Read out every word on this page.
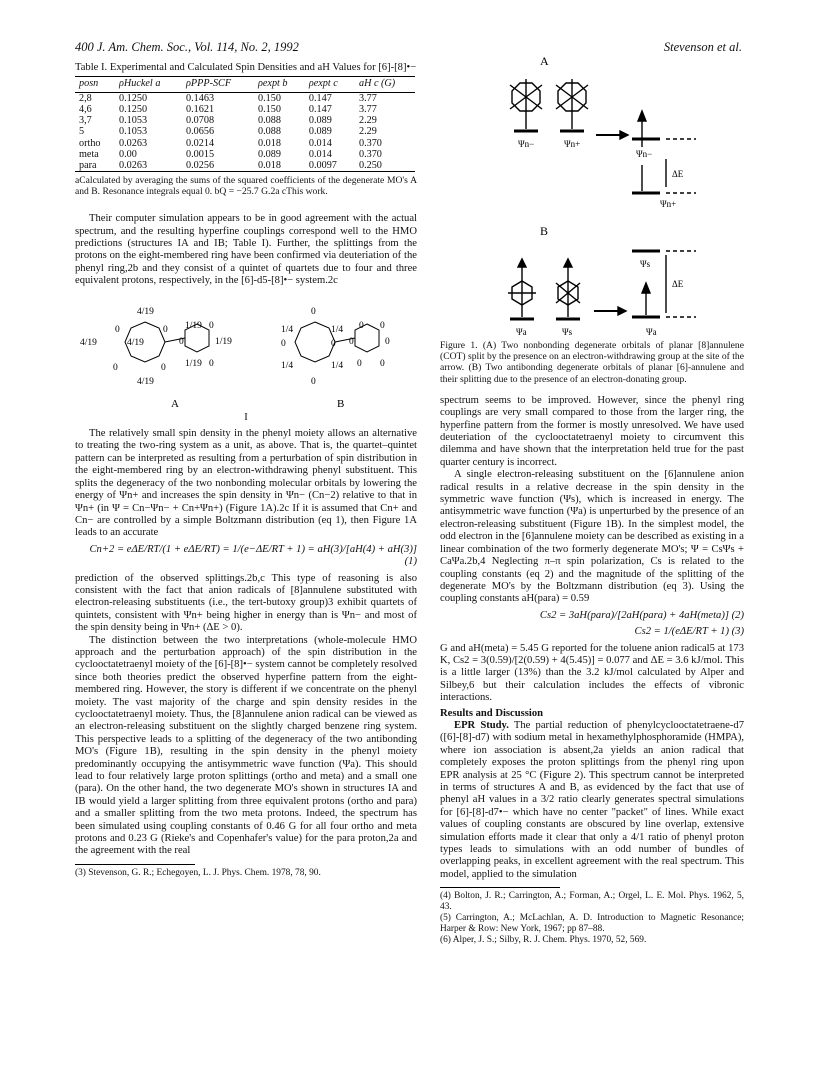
400 J. Am. Chem. Soc., Vol. 114, No. 2, 1992	Stevenson et al.
Table I. Experimental and Calculated Spin Densities and aH Values for [6]-[8]•−
posn	ρHuckel a	ρPPP-SCF	ρexpt b	ρexpt c	aH c (G)
2,8	0.1250	0.1463	0.150	0.147	3.77
4,6	0.1250	0.1621	0.150	0.147	3.77
3,7	0.1053	0.0708	0.088	0.089	2.29
5	0.1053	0.0656	0.088	0.089	2.29
ortho	0.0263	0.0214	0.018	0.014	0.370
meta	0.00	0.0015	0.089	0.014	0.370
para	0.0263	0.0256	0.018	0.0097	0.250
aCalculated by averaging the sums of the squared coefficients of the degenerate MO's A and B. Resonance integrals equal 0. bQ = −25.7 G.2a cThis work.

Their computer simulation appears to be in good agreement with the actual spectrum, and the resulting hyperfine couplings correspond well to the HMO predictions (structures IA and IB; Table I). Further, the splittings from the protons on the eight-membered ring have been confirmed via deuteriation of the phenyl ring,2b and they consist of a quintet of quartets due to four and three equivalent protons, respectively, in the [6]-d5-[8]•− system.2c

4/19
0	0
4/19	4/19
0	0
4/19
1/19 0
0	1/19
1/19 0
0
1/4	1/4
0	0
1/4	1/4
0
0 0
0	0
0 0
A	B
I

The relatively small spin density in the phenyl moiety allows an alternative to treating the two-ring system as a unit, as above. That is, the quartet–quintet pattern can be interpreted as resulting from a perturbation of spin distribution in the eight-membered ring by an electron-withdrawing phenyl substituent. This splits the degeneracy of the two nonbonding molecular orbitals by lowering the energy of Ψn+ and increases the spin density in Ψn− (Cn−2) relative to that in Ψn+ (in Ψ = Cn−Ψn− + Cn+Ψn+) (Figure 1A).2c If it is assumed that Cn+ and Cn− are controlled by a simple Boltzmann distribution (eq 1), then Figure 1A leads to an accurate

Cn+2 = eΔE/RT/(1 + eΔE/RT) = 1/(e−ΔE/RT + 1) = aH(3)/[aH(4) + aH(3)] (1)

prediction of the observed splittings.2b,c This type of reasoning is also consistent with the fact that anion radicals of [8]annulene substituted with electron-releasing substituents (i.e., the tert-butoxy group)3 exhibit quartets of quintets, consistent with Ψn+ being higher in energy than is Ψn− and most of the spin density being in Ψn+ (ΔE > 0).

The distinction between the two interpretations (whole-molecule HMO approach and the perturbation approach) of the spin distribution in the cyclooctatetraenyl moiety of the [6]-[8]•− system cannot be completely resolved since both theories predict the observed hyperfine pattern from the eight-membered ring. However, the story is different if we concentrate on the phenyl moiety. The vast majority of the charge and spin density resides in the cyclooctatetraenyl moiety. Thus, the [8]annulene anion radical can be viewed as an electron-releasing substituent on the slightly charged benzene ring system. This perspective leads to a splitting of the degeneracy of the two antibonding MO's (Figure 1B), resulting in the spin density in the phenyl moiety predominantly occupying the antisymmetric wave function (Ψa). This should lead to four relatively large proton splittings (ortho and meta) and a small one (para). On the other hand, the two degenerate MO's shown in structures IA and IB would yield a larger splitting from three equivalent protons (ortho and para) and a smaller splitting from the two meta protons. Indeed, the spectrum has been simulated using coupling constants of 0.46 G for all four ortho and meta protons and 0.23 G (Rieke's and Copenhafer's value) for the para proton,2a and the agreement with the real

(3) Stevenson, G. R.; Echegoyen, L. J. Phys. Chem. 1978, 78, 90.
A
Ψn−	Ψn+
Ψn−
Ψn+
ΔE
B
Ψa	Ψs
Ψs
Ψa
ΔE
Figure 1. (A) Two nonbonding degenerate orbitals of planar [8]annulene (COT) split by the presence on an electron-withdrawing group at the site of the arrow. (B) Two antibonding degenerate orbitals of planar [6]-annulene and their splitting due to the presence of an electron-donating group.

spectrum seems to be improved. However, since the phenyl ring couplings are very small compared to those from the larger ring, the hyperfine pattern from the former is mostly unresolved. We have used deuteriation of the cyclooctatetraenyl moiety to circumvent this dilemma and have shown that the interpretation held true for the past quarter century is incorrect.

A single electron-releasing substituent on the [6]annulene anion radical results in a relative decrease in the spin density in the symmetric wave function (Ψs), which is increased in energy. The antisymmetric wave function (Ψa) is unperturbed by the presence of an electron-releasing substituent (Figure 1B). In the simplest model, the odd electron in the [6]annulene moiety can be described as existing in a linear combination of the two formerly degenerate MO's; Ψ = CsΨs + CaΨa.2b,4 Neglecting π–π spin polarization, Cs is related to the coupling constants (eq 2) and the magnitude of the splitting of the degenerate MO's by the Boltzmann distribution (eq 3). Using the coupling constants aH(para) = 0.59

Cs2 = 3aH(para)/[2aH(para) + 4aH(meta)] (2)
Cs2 = 1/(eΔE/RT + 1) (3)

G and aH(meta) = 5.45 G reported for the toluene anion radical5 at 173 K, Cs2 = 3(0.59)/[2(0.59) + 4(5.45)] = 0.077 and ΔE = 3.6 kJ/mol. This is a little larger (13%) than the 3.2 kJ/mol calculated by Alper and Silbey,6 but their calculation includes the effects of vibronic interactions.

Results and Discussion

EPR Study. The partial reduction of phenylcyclooctatetraene-d7 ([6]-[8]-d7) with sodium metal in hexamethylphosphoramide (HMPA), where ion association is absent,2a yields an anion radical that completely exposes the proton splittings from the phenyl ring upon EPR analysis at 25 °C (Figure 2). This spectrum cannot be interpreted in terms of structures A and B, as evidenced by the fact that use of phenyl aH values in a 3/2 ratio clearly generates spectral simulations for [6]-[8]-d7•− which have no center "packet" of lines. While exact values of coupling constants are obscured by line overlap, extensive simulation efforts made it clear that only a 4/1 ratio of phenyl proton types leads to simulations with an odd number of bundles of overlapping peaks, in excellent agreement with the real spectrum. This model, applied to the simulation

(4) Bolton, J. R.; Carrington, A.; Forman, A.; Orgel, L. E. Mol. Phys. 1962, 5, 43.
(5) Carrington, A.; McLachlan, A. D. Introduction to Magnetic Resonance; Harper & Row: New York, 1967; pp 87–88.
(6) Alper, J. S.; Silby, R. J. Chem. Phys. 1970, 52, 569.
